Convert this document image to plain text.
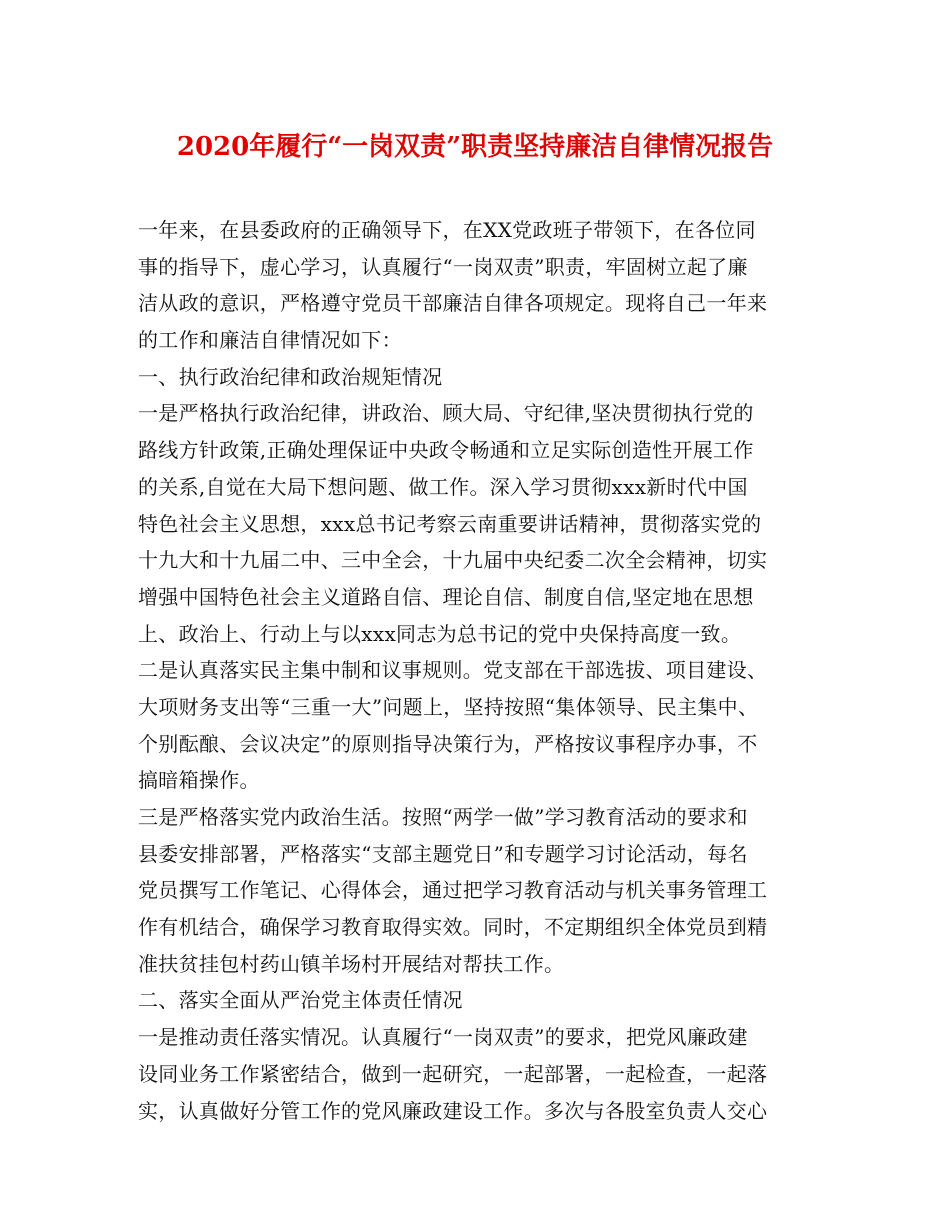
2020年履行“一岗双责”职责坚持廉洁自律情况报告
一年来，在县委政府的正确领导下，在XX党政班子带领下，在各位同
事的指导下，虚心学习，认真履行“一岗双责”职责，牢固树立起了廉
洁从政的意识，严格遵守党员干部廉洁自律各项规定。现将自己一年来
的工作和廉洁自律情况如下：
一、执行政治纪律和政治规矩情况
一是严格执行政治纪律，讲政治、顾大局、守纪律,坚决贯彻执行党的
路线方针政策,正确处理保证中央政令畅通和立足实际创造性开展工作
的关系,自觉在大局下想问题、做工作。深入学习贯彻xxx新时代中国
特色社会主义思想，xxx总书记考察云南重要讲话精神，贯彻落实党的
十九大和十九届二中、三中全会，十九届中央纪委二次全会精神，切实
增强中国特色社会主义道路自信、理论自信、制度自信,坚定地在思想
上、政治上、行动上与以xxx同志为总书记的党中央保持高度一致。
二是认真落实民主集中制和议事规则。党支部在干部选拔、项目建设、
大项财务支出等“三重一大”问题上，坚持按照“集体领导、民主集中、
个别酝酿、会议决定”的原则指导决策行为，严格按议事程序办事，不
搞暗箱操作。
三是严格落实党内政治生活。按照“两学一做”学习教育活动的要求和
县委安排部署，严格落实“支部主题党日”和专题学习讨论活动，每名
党员撰写工作笔记、心得体会，通过把学习教育活动与机关事务管理工
作有机结合，确保学习教育取得实效。同时，不定期组织全体党员到精
准扶贫挂包村药山镇羊场村开展结对帮扶工作。
二、落实全面从严治党主体责任情况
一是推动责任落实情况。认真履行“一岗双责”的要求，把党风廉政建
设同业务工作紧密结合，做到一起研究，一起部署，一起检查，一起落
实，认真做好分管工作的党风廉政建设工作。多次与各股室负责人交心
